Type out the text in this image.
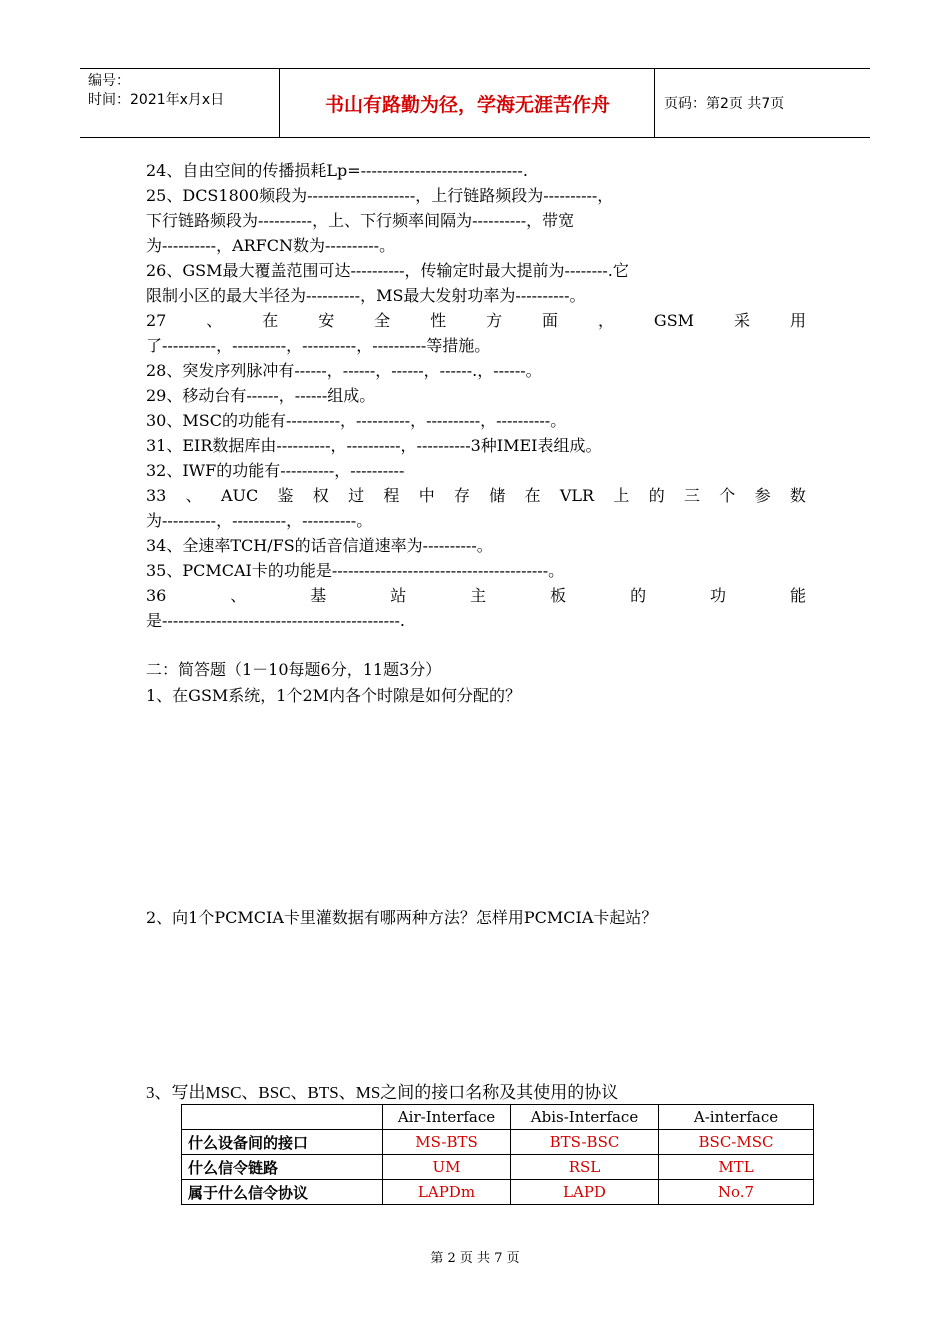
编号：
时间：2021年x月x日	书山有路勤为径，学海无涯苦作舟	页码：第2页 共7页
24、自由空间的传播损耗Lp=------------------------------.
25、DCS1800频段为--------------------，上行链路频段为----------，
下行链路频段为----------，上、下行频率间隔为----------，带宽
为----------，ARFCN数为----------。
26、GSM最大覆盖范围可达----------，传输定时最大提前为--------.它
限制小区的最大半径为----------，MS最大发射功率为----------。
27 、 在 安 全 性 方 面 ， GSM 采 用
了----------，----------，----------，----------等措施。
28、突发序列脉冲有------，------，------，------.，------。
29、移动台有------，------组成。
30、MSC的功能有----------，----------，----------，----------。
31、EIR数据库由----------，----------，----------3种IMEI表组成。
32、IWF的功能有----------，----------
33 、 AUC 鉴 权 过 程 中 存 储 在 VLR 上 的 三 个 参 数
为----------，----------，----------。
34、全速率TCH/FS的话音信道速率为----------。
35、PCMCAI卡的功能是----------------------------------------。
36	、	基	站	主	板	的	功	能
是--------------------------------------------.
二：简答题（1－10每题6分，11题3分）
1、在GSM系统，1个2M内各个时隙是如何分配的？
2、向1个PCMCIA卡里灌数据有哪两种方法？怎样用PCMCIA卡起站？
3、写出MSC、BSC、BTS、MS之间的接口名称及其使用的协议
	Air-Interface	Abis-Interface	A-interface
什么设备间的接口	MS-BTS	BTS-BSC	BSC-MSC
什么信令链路	UM	RSL	MTL
属于什么信令协议	LAPDm	LAPD	No.7
第 2 页 共 7 页
